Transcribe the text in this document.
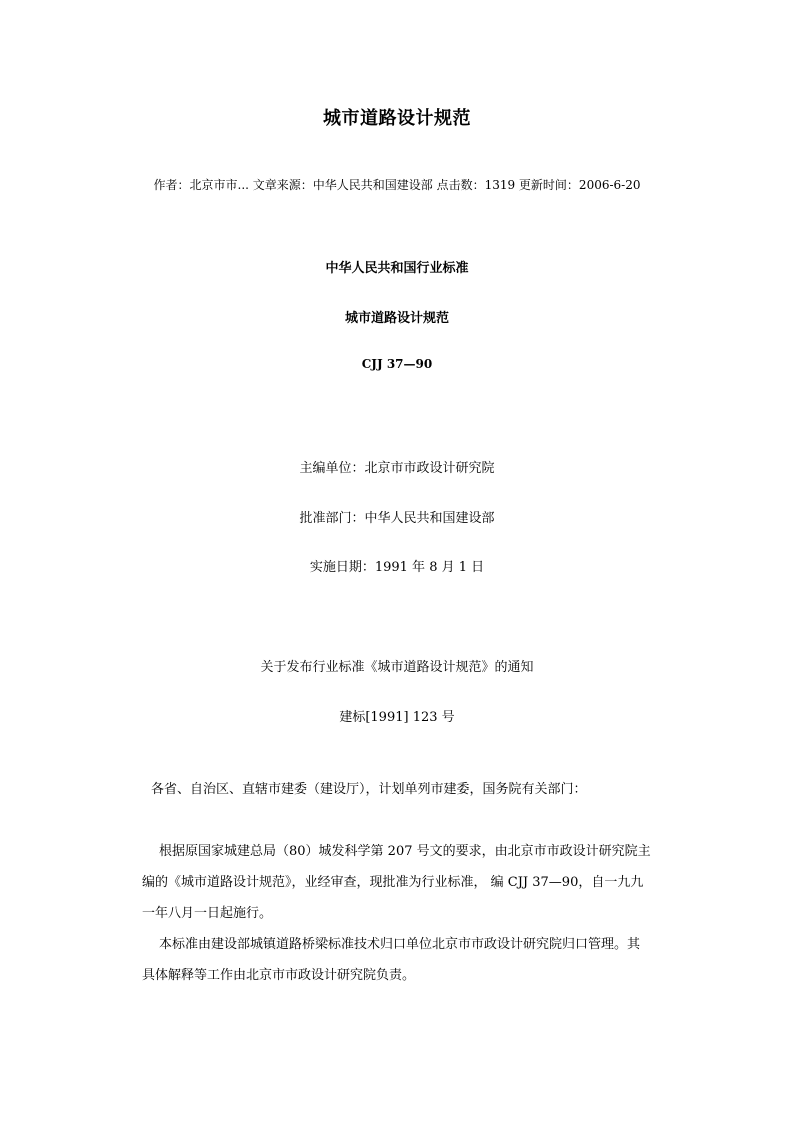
城市道路设计规范
作者：北京市市... 文章来源：中华人民共和国建设部 点击数：1319 更新时间：2006-6-20
中华人民共和国行业标准
城市道路设计规范
CJJ 37—90
主编单位：北京市市政设计研究院
批准部门：中华人民共和国建设部
实施日期：1991 年 8 月 1 日
关于发布行业标准《城市道路设计规范》的通知
建标[1991] 123 号
各省、自治区、直辖市建委（建设厅），计划单列市建委，国务院有关部门：
根据原国家城建总局（80）城发科学第 207 号文的要求，由北京市市政设计研究院主
编的《城市道路设计规范》，业经审查，现批准为行业标准， 编 CJJ 37—90，自一九九
一年八月一日起施行。
本标准由建设部城镇道路桥梁标准技术归口单位北京市市政设计研究院归口管理。其
具体解释等工作由北京市市政设计研究院负责。
